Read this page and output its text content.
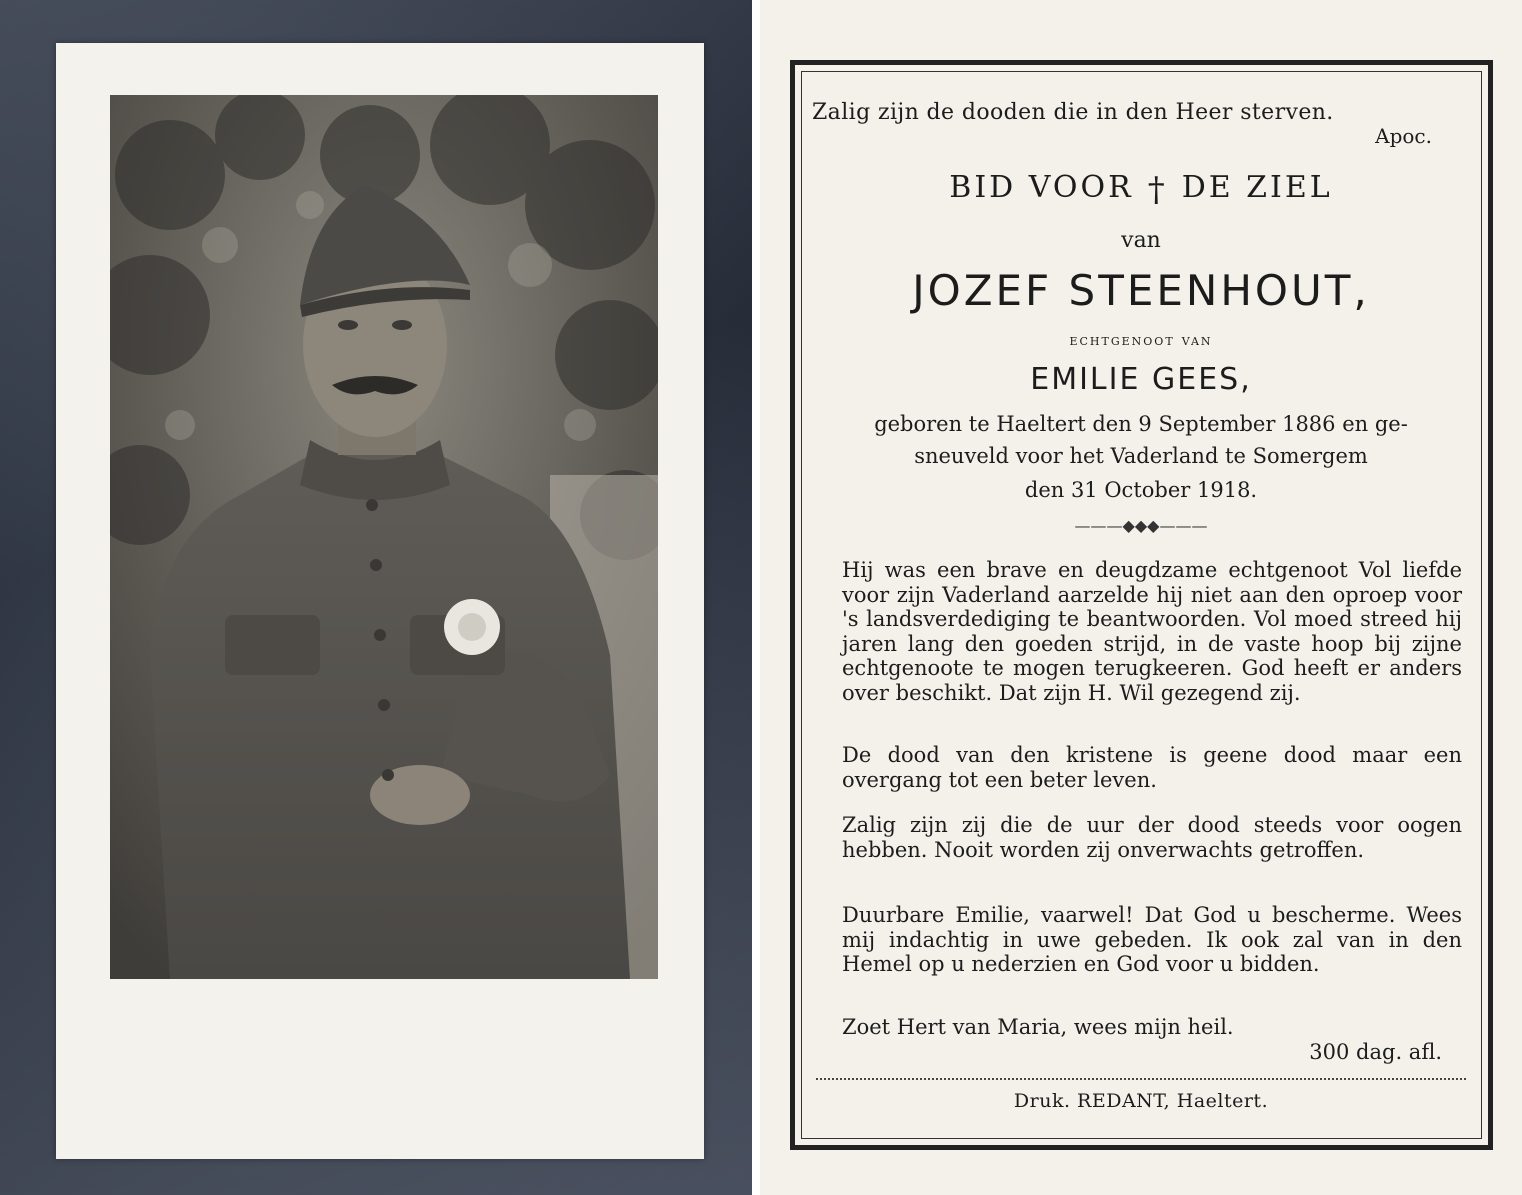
Zalig zijn de dooden die in den Heer sterven.
Apoc.
BID VOOR † DE ZIEL
van
JOZEF STEENHOUT,
echtgenoot van
EMILIE GEES,
geboren te Haeltert den 9 September 1886 en ge-
sneuveld voor het Vaderland te Somergem
den 31 October 1918.
———◆◆◆———

Hij was een brave en deugdzame echtgenoot Vol liefde voor zijn Vaderland aarzelde hij niet aan den oproep voor 's landsverdediging te beantwoorden. Vol moed streed hij jaren lang den goeden strijd, in de vaste hoop bij zijne echtgenoote te mogen terugkeeren. God heeft er anders over beschikt. Dat zijn H. Wil gezegend zij.

De dood van den kristene is geene dood maar een overgang tot een beter leven.

Zalig zijn zij die de uur der dood steeds voor oogen hebben. Nooit worden zij onverwachts getroffen.

Duurbare Emilie, vaarwel! Dat God u bescherme. Wees mij indachtig in uwe gebeden. Ik ook zal van in den Hemel op u nederzien en God voor u bidden.

Zoet Hert van Maria, wees mijn heil.
300 dag. afl.
Druk. REDANT, Haeltert.
